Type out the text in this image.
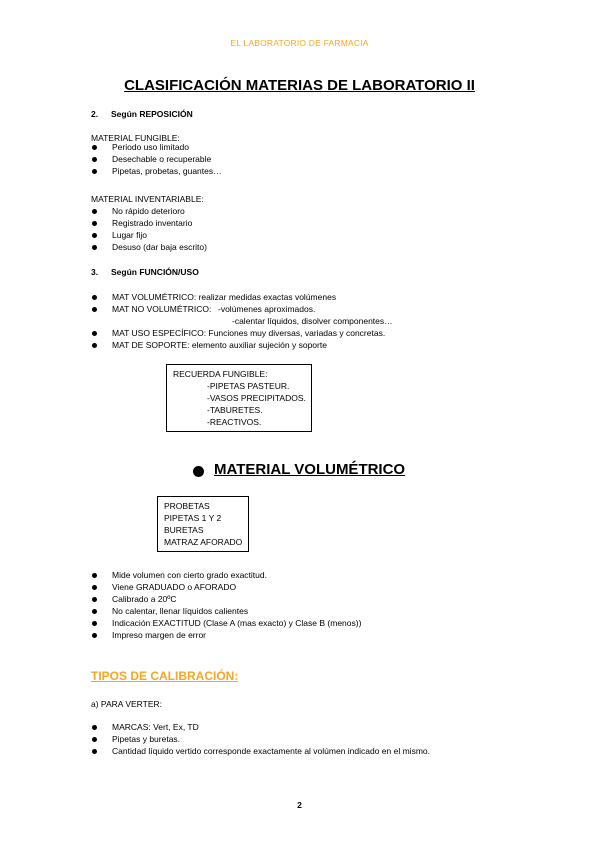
EL LABORATORIO DE FARMACIA
CLASIFICACIÓN MATERIAS DE LABORATORIO II
2. Según REPOSICIÓN
MATERIAL FUNGIBLE:
Periodo uso limitado
Desechable o recuperable
Pipetas, probetas, guantes…
MATERIAL INVENTARIABLE:
No rápido deterioro
Registrado inventario
Lugar fijo
Desuso (dar baja escrito)
3. Según FUNCIÓN/USO
MAT VOLUMÉTRICO: realizar medidas exactas volúmenes
MAT NO VOLUMÉTRICO: -volúmenes aproximados.
-calentar líquidos, disolver componentes…
MAT USO ESPECÍFICO: Funciones muy diversas, variadas y concretas.
MAT DE SOPORTE: elemento auxiliar sujeción y soporte
RECUERDA FUNGIBLE:
-PIPETAS PASTEUR.
-VASOS PRECIPITADOS.
-TABURETES.
-REACTIVOS.
MATERIAL VOLUMÉTRICO
PROBETAS
PIPETAS 1 Y 2
BURETAS
MATRAZ AFORADO
Mide volumen con cierto grado exactitud.
Viene GRADUADO o AFORADO
Calibrado a 20ºC
No calentar, llenar líquidos calientes
Indicación EXACTITUD (Clase A (mas exacto) y Clase B (menos))
Impreso margen de error
TIPOS DE CALIBRACIÓN:
a) PARA VERTER:
MARCAS: Vert, Ex, TD
Pipetas y buretas.
Cantidad líquido vertido corresponde exactamente al volúmen indicado en el mismo.
2
